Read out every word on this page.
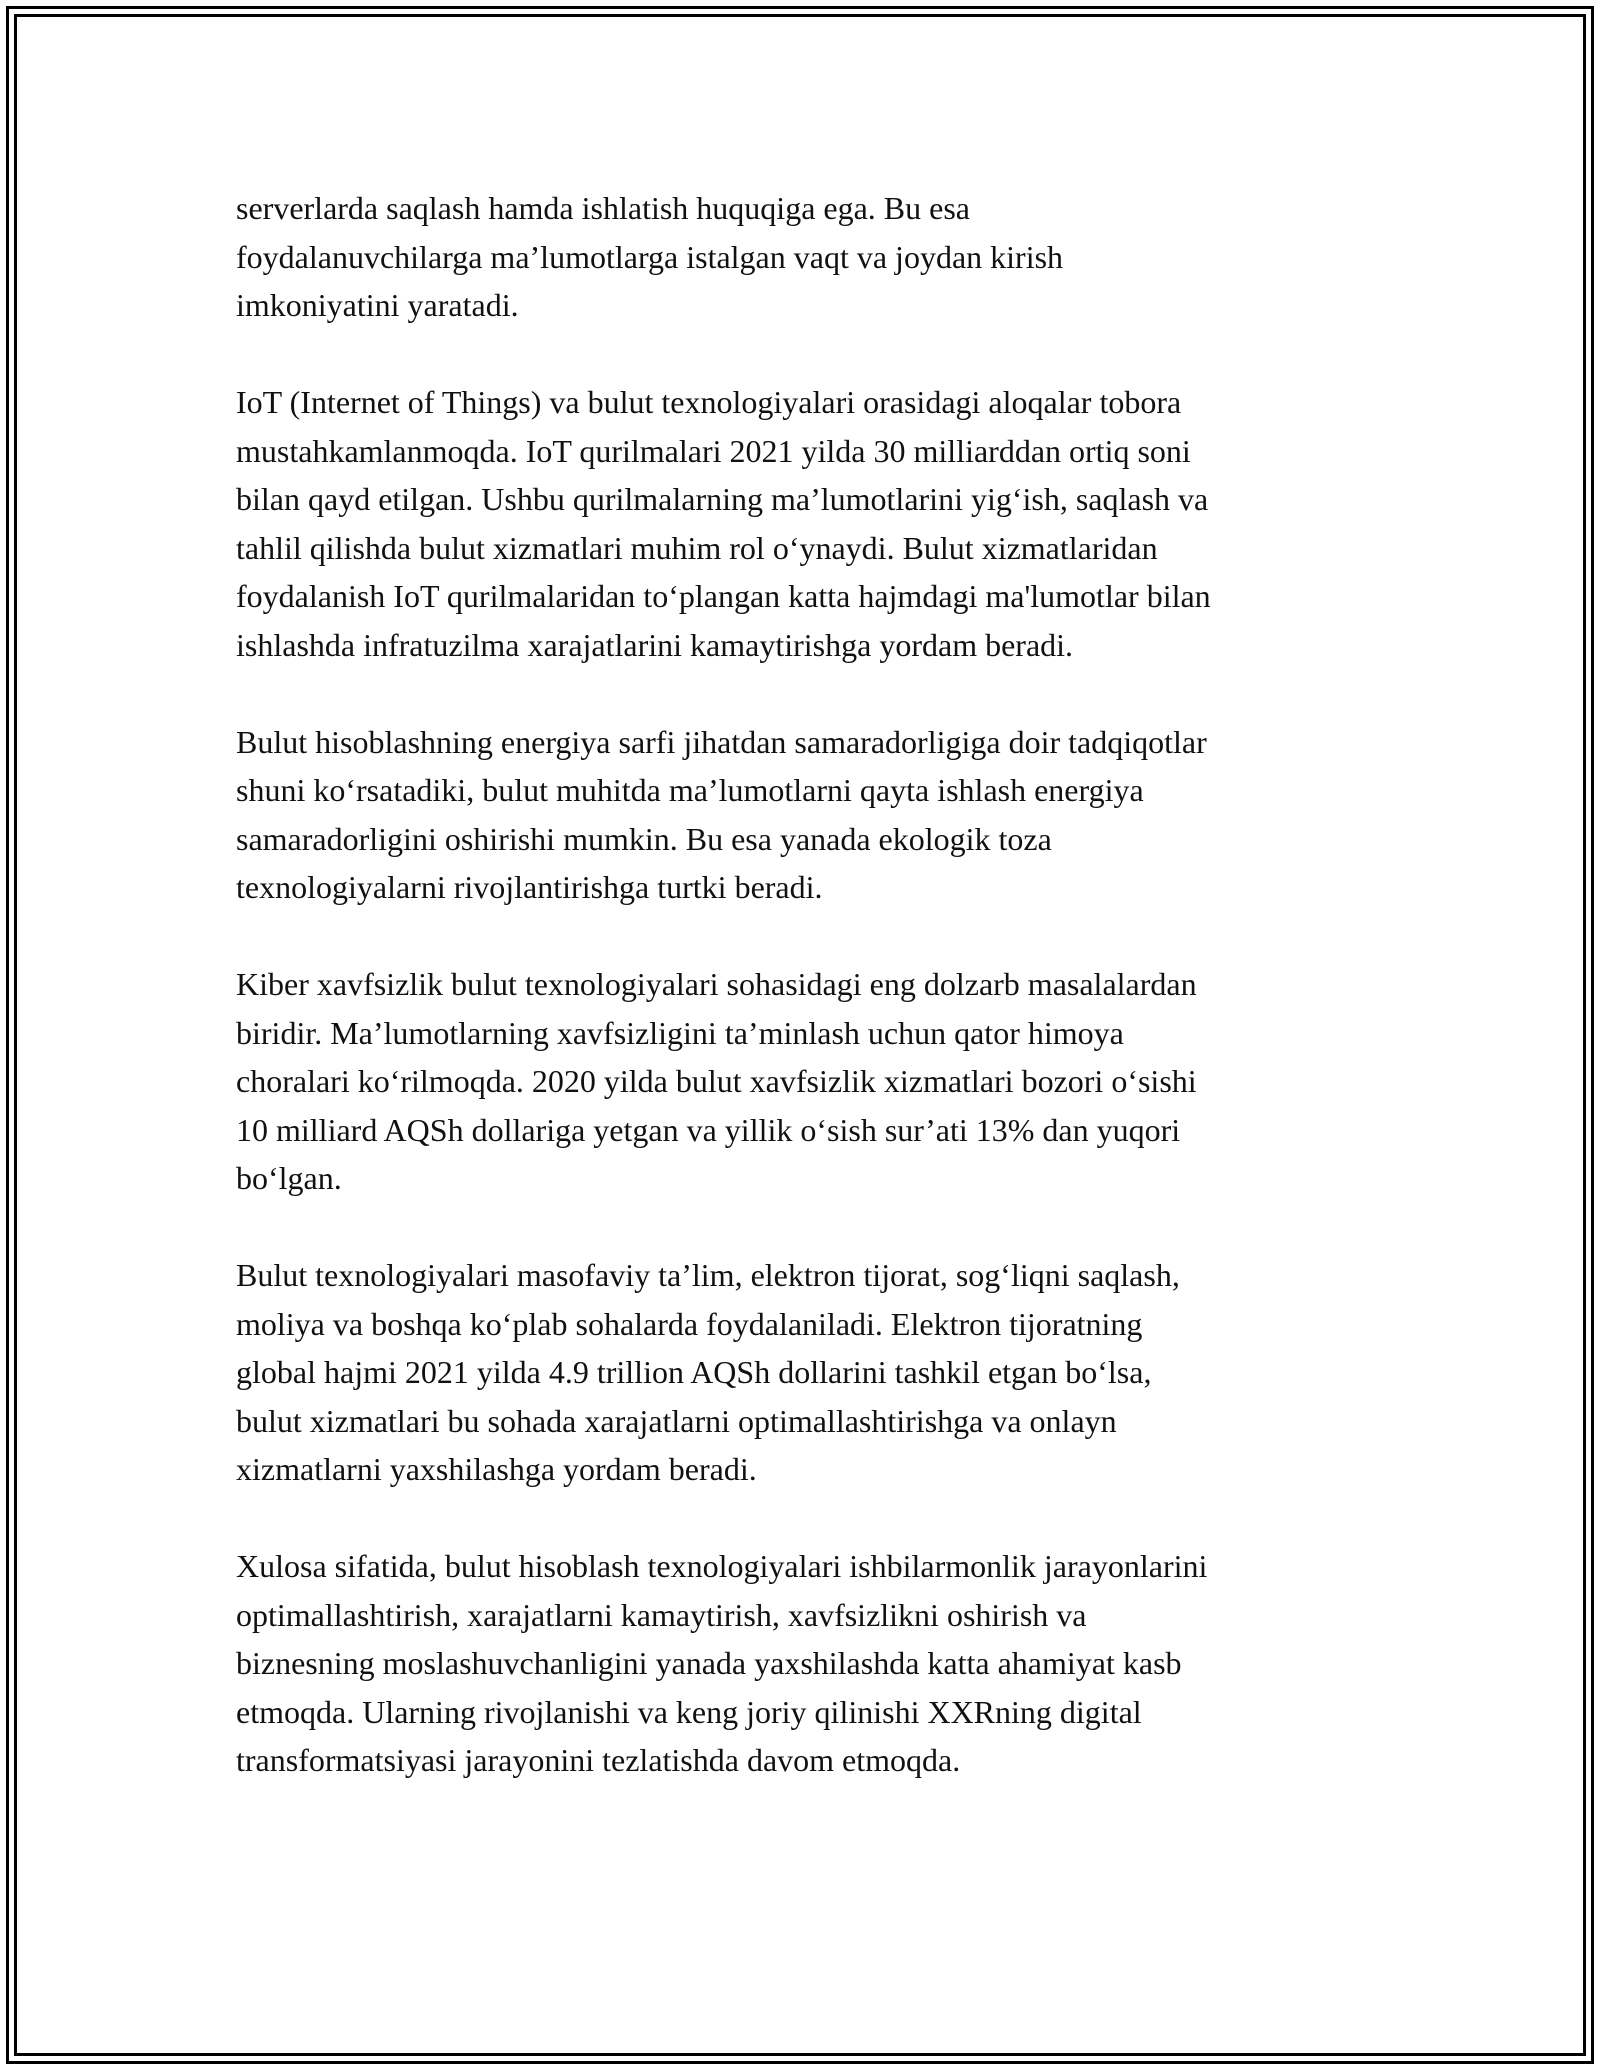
serverlarda saqlash hamda ishlatish huquqiga ega. Bu esa
foydalanuvchilarga ma’lumotlarga istalgan vaqt va joydan kirish
imkoniyatini yaratadi.

IoT (Internet of Things) va bulut texnologiyalari orasidagi aloqalar tobora
mustahkamlanmoqda. IoT qurilmalari 2021 yilda 30 milliarddan ortiq soni
bilan qayd etilgan. Ushbu qurilmalarning ma’lumotlarini yig‘ish, saqlash va
tahlil qilishda bulut xizmatlari muhim rol o‘ynaydi. Bulut xizmatlaridan
foydalanish IoT qurilmalaridan to‘plangan katta hajmdagi ma'lumotlar bilan
ishlashda infratuzilma xarajatlarini kamaytirishga yordam beradi.

Bulut hisoblashning energiya sarfi jihatdan samaradorligiga doir tadqiqotlar
shuni ko‘rsatadiki, bulut muhitda ma’lumotlarni qayta ishlash energiya
samaradorligini oshirishi mumkin. Bu esa yanada ekologik toza
texnologiyalarni rivojlantirishga turtki beradi.

Kiber xavfsizlik bulut texnologiyalari sohasidagi eng dolzarb masalalardan
biridir. Ma’lumotlarning xavfsizligini ta’minlash uchun qator himoya
choralari ko‘rilmoqda. 2020 yilda bulut xavfsizlik xizmatlari bozori o‘sishi
10 milliard AQSh dollariga yetgan va yillik o‘sish sur’ati 13% dan yuqori
bo‘lgan.

Bulut texnologiyalari masofaviy ta’lim, elektron tijorat, sog‘liqni saqlash,
moliya va boshqa ko‘plab sohalarda foydalaniladi. Elektron tijoratning
global hajmi 2021 yilda 4.9 trillion AQSh dollarini tashkil etgan bo‘lsa,
bulut xizmatlari bu sohada xarajatlarni optimallashtirishga va onlayn
xizmatlarni yaxshilashga yordam beradi.

Xulosa sifatida, bulut hisoblash texnologiyalari ishbilarmonlik jarayonlarini
optimallashtirish, xarajatlarni kamaytirish, xavfsizlikni oshirish va
biznesning moslashuvchanligini yanada yaxshilashda katta ahamiyat kasb
etmoqda. Ularning rivojlanishi va keng joriy qilinishi XXRning digital
transformatsiyasi jarayonini tezlatishda davom etmoqda.
